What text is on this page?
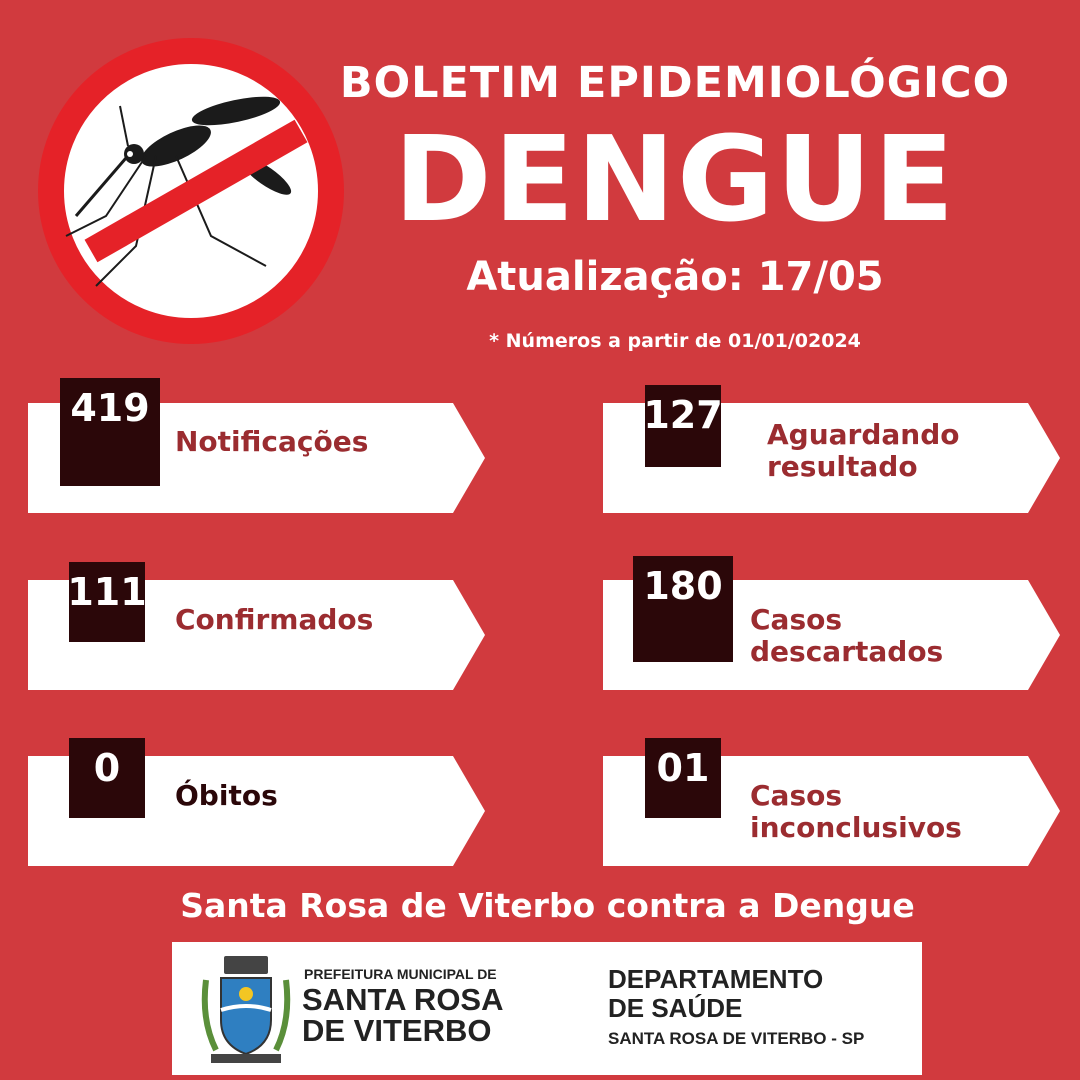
BOLETIM EPIDEMIOLÓGICO
DENGUE
Atualização: 17/05
* Números a partir de 01/01/02024
419
Notificações
127 Aguardando
resultado
111
Confirmados
180
Casos
descartados
0
Óbitos
01
Casos
inconclusivos
Santa Rosa de Viterbo contra a Dengue
PREFEITURA MUNICIPAL DE
SANTA ROSA
DE VITERBO
DEPARTAMENTO
DE SAÚDE
SANTA ROSA DE VITERBO - SP
